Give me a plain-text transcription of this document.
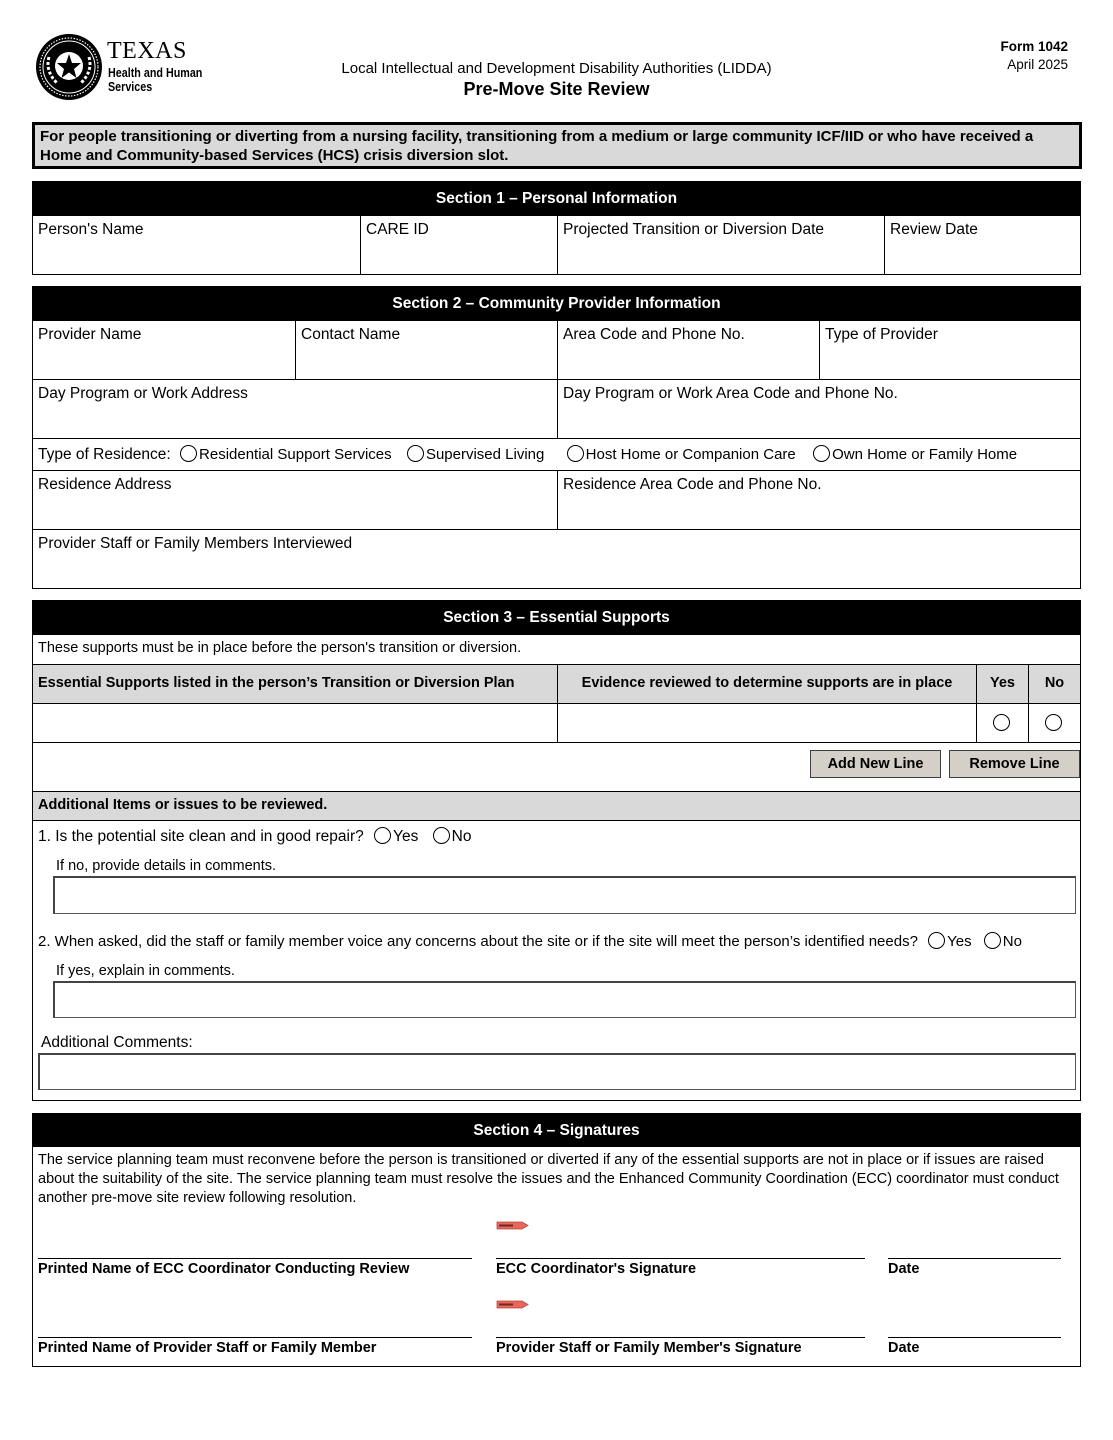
TEXAS
Health and Human
Services
Local Intellectual and Development Disability Authorities (LIDDA)
Pre-Move Site Review
Form 1042
April 2025
For people transitioning or diverting from a nursing facility, transitioning from a medium or large community ICF/IID or who have received a Home and Community-based Services (HCS) crisis diversion slot.
Section 1 – Personal Information
Person's Name	CARE ID	Projected Transition or Diversion Date	Review Date
Section 2 – Community Provider Information
Provider Name	Contact Name	Area Code and Phone No.	Type of Provider
Day Program or Work Address	Day Program or Work Area Code and Phone No.
Type of Residence: Residential Support Services Supervised Living	Host Home or Companion Care Own Home or Family Home
Residence Address	Residence Area Code and Phone No.
Provider Staff or Family Members Interviewed
Section 3 – Essential Supports
These supports must be in place before the person's transition or diversion.
Essential Supports listed in the person’s Transition or Diversion Plan	Evidence reviewed to determine supports are in place	Yes	No
Add New Line	Remove Line
Additional Items or issues to be reviewed.
1. Is the potential site clean and in good repair? Yes No
If no, provide details in comments.
2. When asked, did the staff or family member voice any concerns about the site or if the site will meet the person’s identified needs? Yes No
If yes, explain in comments.
Additional Comments:
Section 4 – Signatures
The service planning team must reconvene before the person is transitioned or diverted if any of the essential supports are not in place or if issues are raised about the suitability of the site. The service planning team must resolve the issues and the Enhanced Community Coordination (ECC) coordinator must conduct another pre-move site review following resolution.
Printed Name of ECC Coordinator Conducting Review	ECC Coordinator's Signature	Date
Printed Name of Provider Staff or Family Member	Provider Staff or Family Member's Signature	Date
